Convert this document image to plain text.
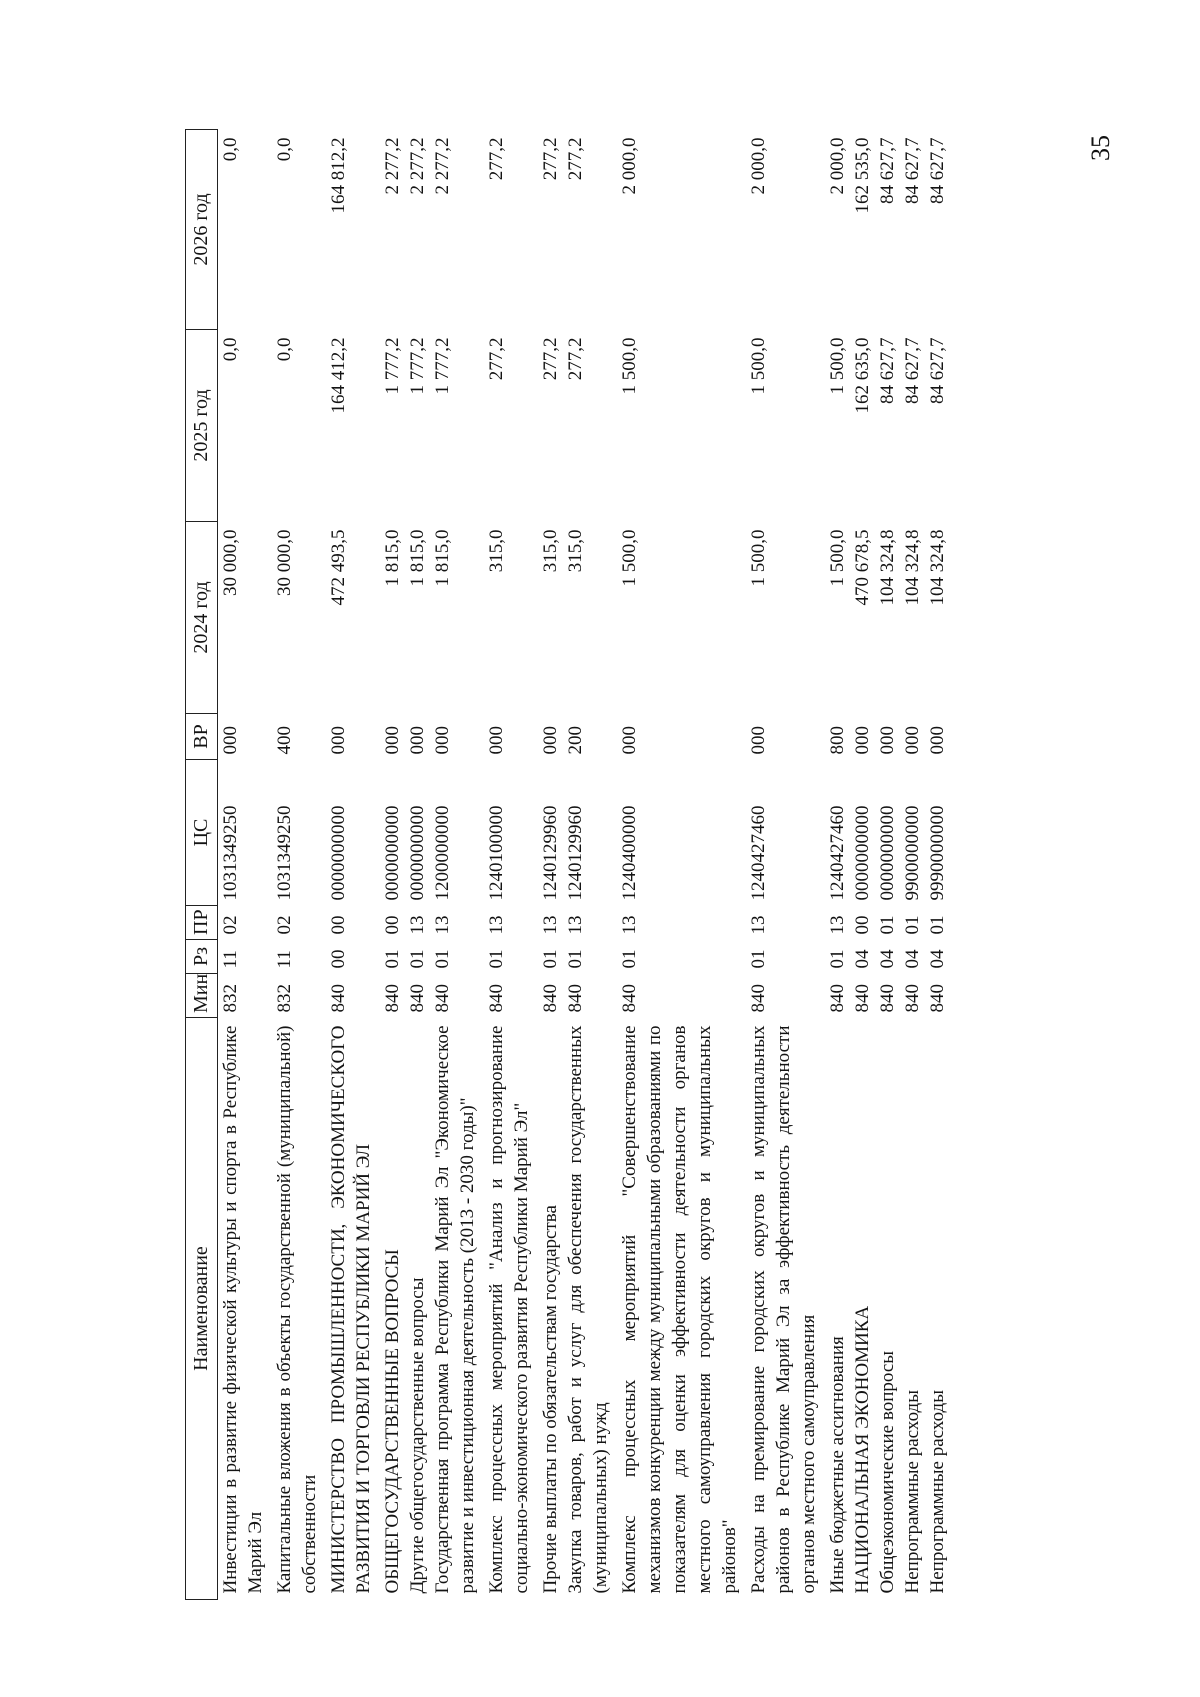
35
Наименование	Мин	Рз	ПР	ЦС	ВР	2024 год	2025 год	2026 год
Инвестиции в развитие физической культуры и спорта в Республике Марий Эл	832	11	02	1031349250	000	30 000,0	0,0	0,0

Капитальные вложения в объекты государственной (муниципальной) собственности	832	11	02	1031349250	400	30 000,0	0,0	0,0

МИНИСТЕРСТВО ПРОМЫШЛЕННОСТИ, ЭКОНОМИЧЕСКОГО РАЗВИТИЯ И ТОРГОВЛИ РЕСПУБЛИКИ МАРИЙ ЭЛ	840	00	00	0000000000	000	472 493,5	164 412,2	164 812,2

ОБЩЕГОСУДАРСТВЕННЫЕ ВОПРОСЫ	840	01	00	0000000000	000	1 815,0	1 777,2	2 277,2
Другие общегосударственные вопросы	840	01	13	0000000000	000	1 815,0	1 777,2	2 277,2
Государственная программа Республики Марий Эл "Экономическое развитие и инвестиционная деятельность (2013 - 2030 годы)"	840	01	13	1200000000	000	1 815,0	1 777,2	2 277,2

Комплекс процессных мероприятий "Анализ и прогнозирование социально-экономического развития Республики Марий Эл"	840	01	13	1240100000	000	315,0	277,2	277,2

Прочие выплаты по обязательствам государства	840	01	13	1240129960	000	315,0	277,2	277,2
Закупка товаров, работ и услуг для обеспечения государственных (муниципальных) нужд	840	01	13	1240129960	200	315,0	277,2	277,2

Комплекс процессных мероприятий "Совершенствование механизмов конкуренции между муниципальными образованиями по показателям для оценки эффективности деятельности органов местного самоуправления городских округов и муниципальных районов"	840	01	13	1240400000	000	1 500,0	1 500,0	2 000,0

Расходы на премирование городских округов и муниципальных районов в Республике Марий Эл за эффективность деятельности органов местного самоуправления	840	01	13	1240427460	000	1 500,0	1 500,0	2 000,0

Иные бюджетные ассигнования	840	01	13	1240427460	800	1 500,0	1 500,0	2 000,0
НАЦИОНАЛЬНАЯ ЭКОНОМИКА	840	04	00	0000000000	000	470 678,5	162 635,0	162 535,0
Общеэкономические вопросы	840	04	01	0000000000	000	104 324,8	84 627,7	84 627,7
Непрограммные расходы	840	04	01	9900000000	000	104 324,8	84 627,7	84 627,7
Непрограммные расходы	840	04	01	9990000000	000	104 324,8	84 627,7	84 627,7
